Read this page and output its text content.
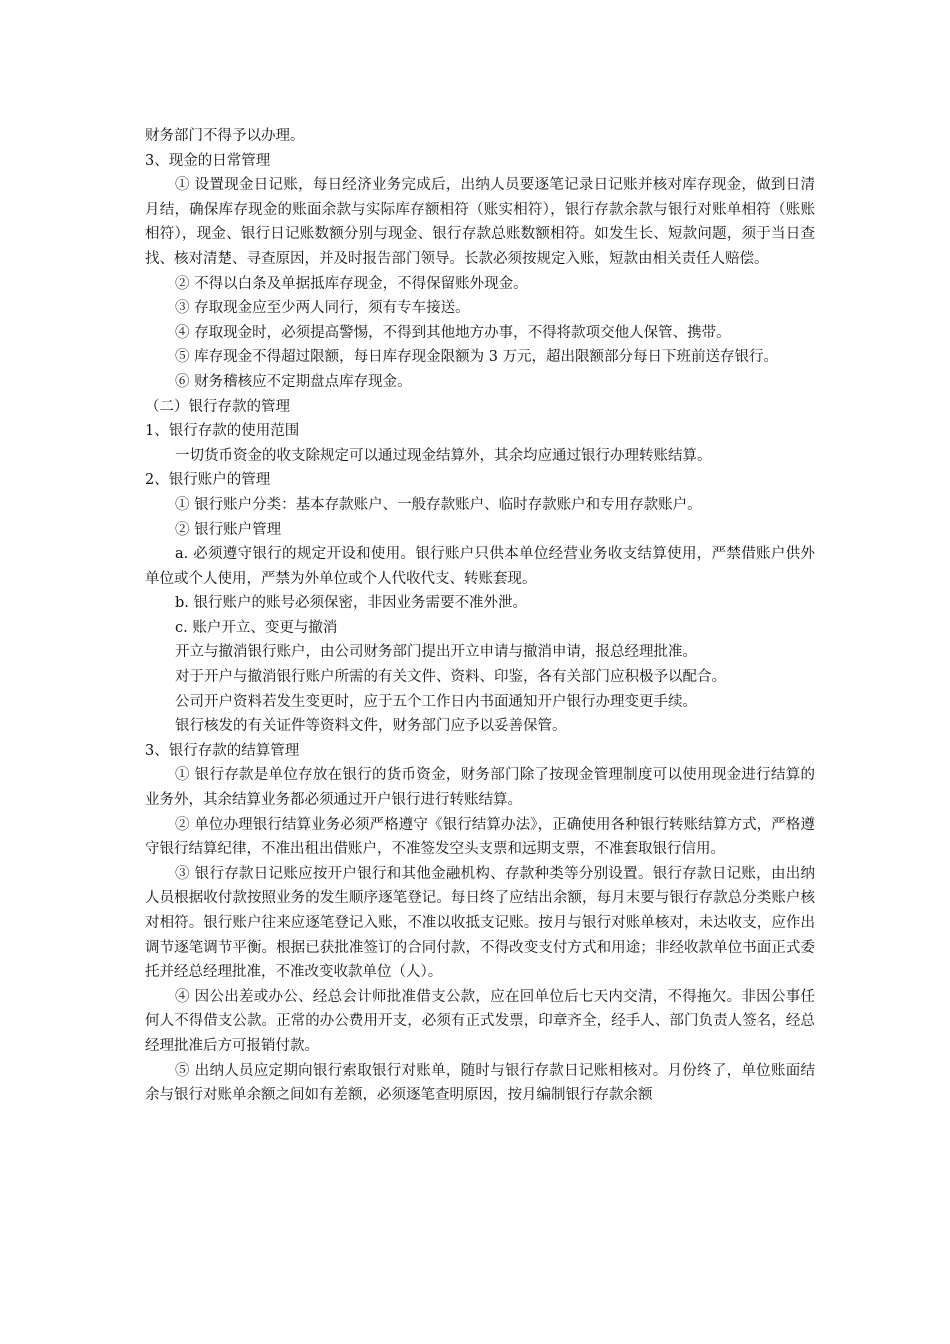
财务部门不得予以办理。

3、现金的日常管理

① 设置现金日记账，每日经济业务完成后，出纳人员要逐笔记录日记账并核对库存现金，做到日清月结，确保库存现金的账面余款与实际库存额相符（账实相符），银行存款余款与银行对账单相符（账账相符），现金、银行日记账数额分别与现金、银行存款总账数额相符。如发生长、短款问题，须于当日查找、核对清楚、寻查原因，并及时报告部门领导。长款必须按规定入账，短款由相关责任人赔偿。

② 不得以白条及单据抵库存现金，不得保留账外现金。

③ 存取现金应至少两人同行，须有专车接送。

④ 存取现金时，必须提高警惕，不得到其他地方办事，不得将款项交他人保管、携带。

⑤ 库存现金不得超过限额，每日库存现金限额为 3 万元，超出限额部分每日下班前送存银行。

⑥ 财务稽核应不定期盘点库存现金。

（二）银行存款的管理

1、银行存款的使用范围

一切货币资金的收支除规定可以通过现金结算外，其余均应通过银行办理转账结算。

2、银行账户的管理

① 银行账户分类：基本存款账户、一般存款账户、临时存款账户和专用存款账户。

② 银行账户管理

a. 必须遵守银行的规定开设和使用。银行账户只供本单位经营业务收支结算使用，严禁借账户供外单位或个人使用，严禁为外单位或个人代收代支、转账套现。

b. 银行账户的账号必须保密，非因业务需要不准外泄。

c. 账户开立、变更与撤消

开立与撤消银行账户，由公司财务部门提出开立申请与撤消申请，报总经理批准。

对于开户与撤消银行账户所需的有关文件、资料、印鉴，各有关部门应积极予以配合。

公司开户资料若发生变更时，应于五个工作日内书面通知开户银行办理变更手续。

银行核发的有关证件等资料文件，财务部门应予以妥善保管。

3、银行存款的结算管理

① 银行存款是单位存放在银行的货币资金，财务部门除了按现金管理制度可以使用现金进行结算的业务外，其余结算业务都必须通过开户银行进行转账结算。

② 单位办理银行结算业务必须严格遵守《银行结算办法》，正确使用各种银行转账结算方式，严格遵守银行结算纪律，不准出租出借账户，不准签发空头支票和远期支票，不准套取银行信用。

③ 银行存款日记账应按开户银行和其他金融机构、存款种类等分别设置。银行存款日记账，由出纳人员根据收付款按照业务的发生顺序逐笔登记。每日终了应结出余额，每月末要与银行存款总分类账户核对相符。银行账户往来应逐笔登记入账，不准以收抵支记账。按月与银行对账单核对，未达收支，应作出调节逐笔调节平衡。根据已获批准签订的合同付款，不得改变支付方式和用途；非经收款单位书面正式委托并经总经理批准，不准改变收款单位（人）。

④ 因公出差或办公、经总会计师批准借支公款，应在回单位后七天内交清，不得拖欠。非因公事任何人不得借支公款。正常的办公费用开支，必须有正式发票，印章齐全，经手人、部门负责人签名，经总经理批准后方可报销付款。

⑤ 出纳人员应定期向银行索取银行对账单，随时与银行存款日记账相核对。月份终了，单位账面结余与银行对账单余额之间如有差额，必须逐笔查明原因，按月编制银行存款余额
